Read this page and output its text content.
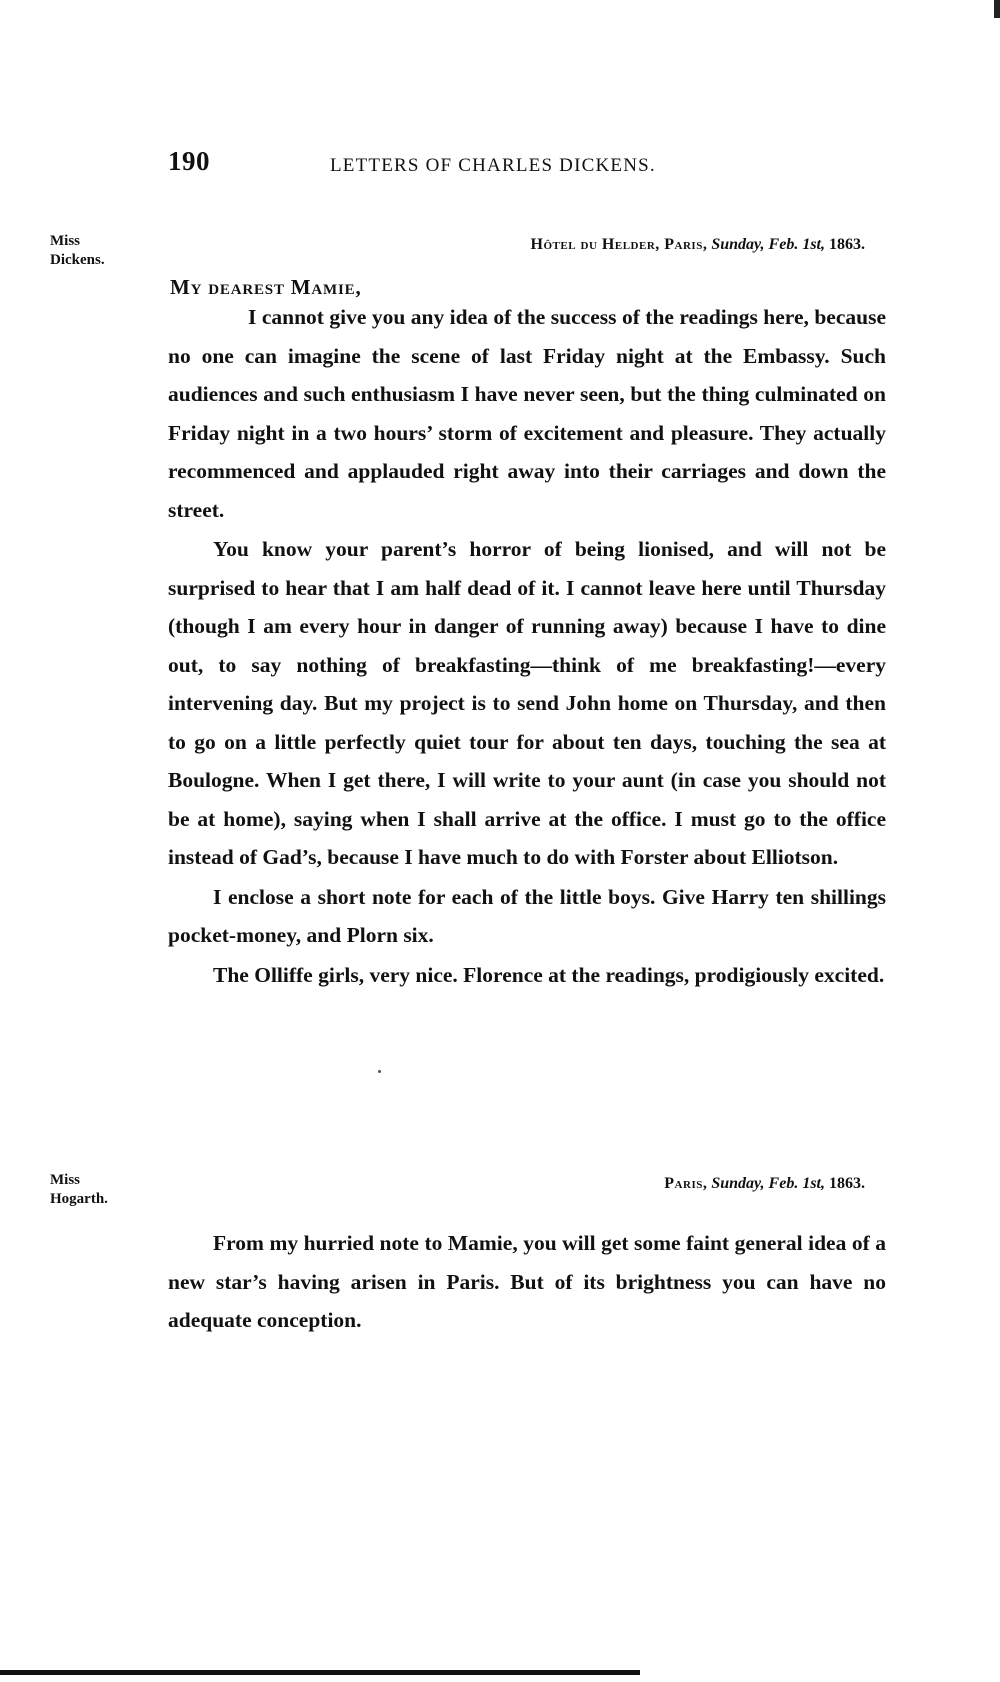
190	LETTERS OF CHARLES DICKENS.
Miss
Dickens.
Hôtel du Helder, Paris, Sunday, Feb. 1st, 1863.
My dearest Mamie,

I cannot give you any idea of the success of the readings here, because no one can imagine the scene of last Friday night at the Embassy. Such audiences and such enthusiasm I have never seen, but the thing culminated on Friday night in a two hours’ storm of excitement and pleasure. They actually recommenced and applauded right away into their carriages and down the street.

You know your parent’s horror of being lionised, and will not be surprised to hear that I am half dead of it. I cannot leave here until Thursday (though I am every hour in danger of running away) because I have to dine out, to say nothing of breakfasting—think of me breakfasting!—every intervening day. But my project is to send John home on Thursday, and then to go on a little perfectly quiet tour for about ten days, touching the sea at Boulogne. When I get there, I will write to your aunt (in case you should not be at home), saying when I shall arrive at the office. I must go to the office instead of Gad’s, because I have much to do with Forster about Elliotson.

I enclose a short note for each of the little boys. Give Harry ten shillings pocket-money, and Plorn six.

The Olliffe girls, very nice. Florence at the readings, prodigiously excited.

Miss
Hogarth.
Paris, Sunday, Feb. 1st, 1863.

From my hurried note to Mamie, you will get some faint general idea of a new star’s having arisen in Paris. But of its brightness you can have no adequate conception.
